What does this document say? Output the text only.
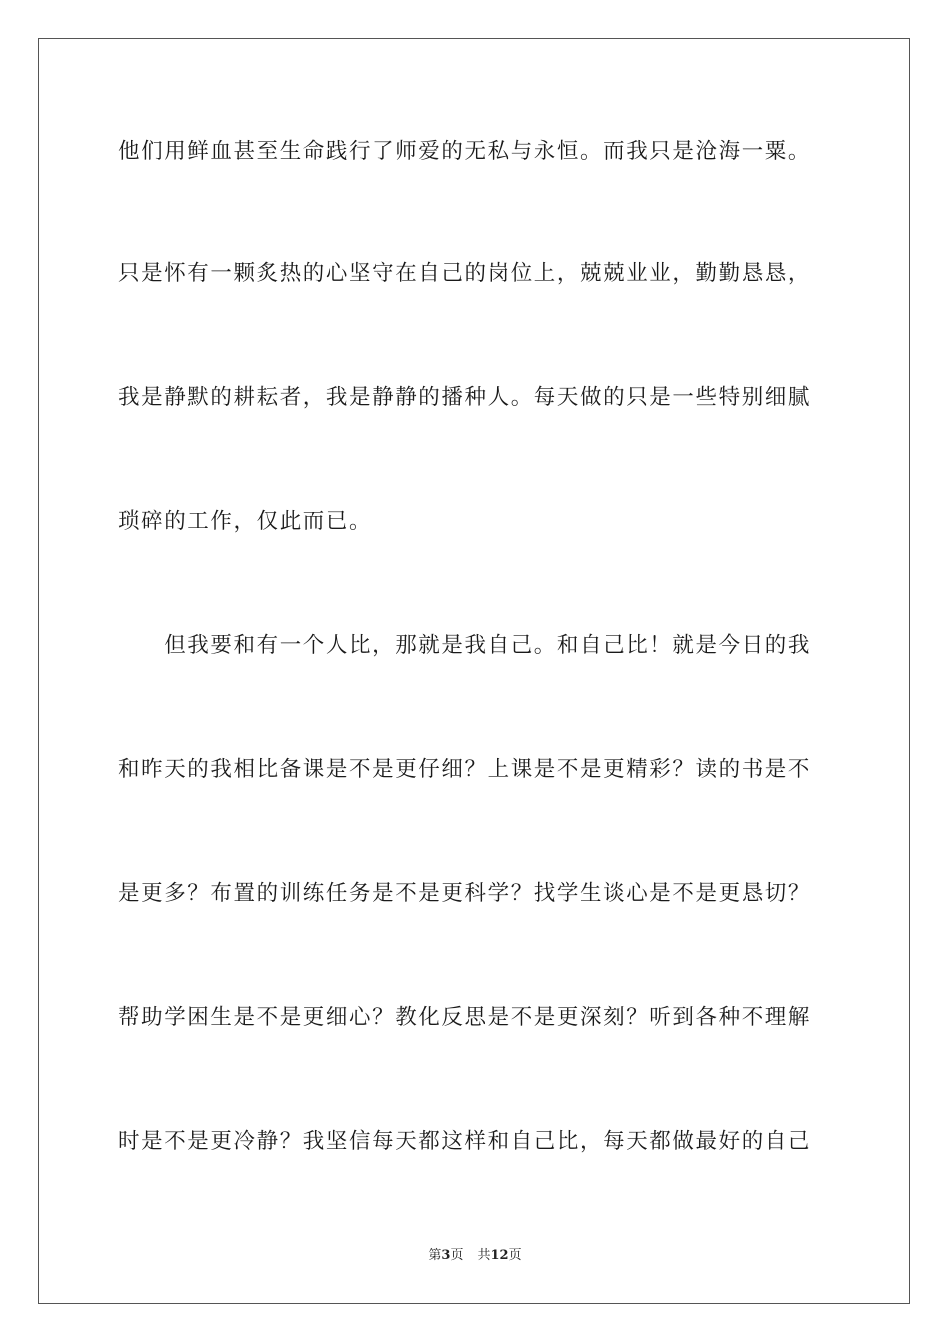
他们用鲜血甚至生命践行了师爱的无私与永恒。而我只是沧海一粟。
只是怀有一颗炙热的心坚守在自己的岗位上，兢兢业业，勤勤恳恳，
我是静默的耕耘者，我是静静的播种人。每天做的只是一些特别细腻
琐碎的工作，仅此而已。
　　但我要和有一个人比，那就是我自己。和自己比！就是今日的我
和昨天的我相比备课是不是更仔细？上课是不是更精彩？读的书是不
是更多？布置的训练任务是不是更科学？找学生谈心是不是更恳切？
帮助学困生是不是更细心？教化反思是不是更深刻？听到各种不理解
时是不是更冷静？我坚信每天都这样和自己比，每天都做最好的自己
第3页 共12页
